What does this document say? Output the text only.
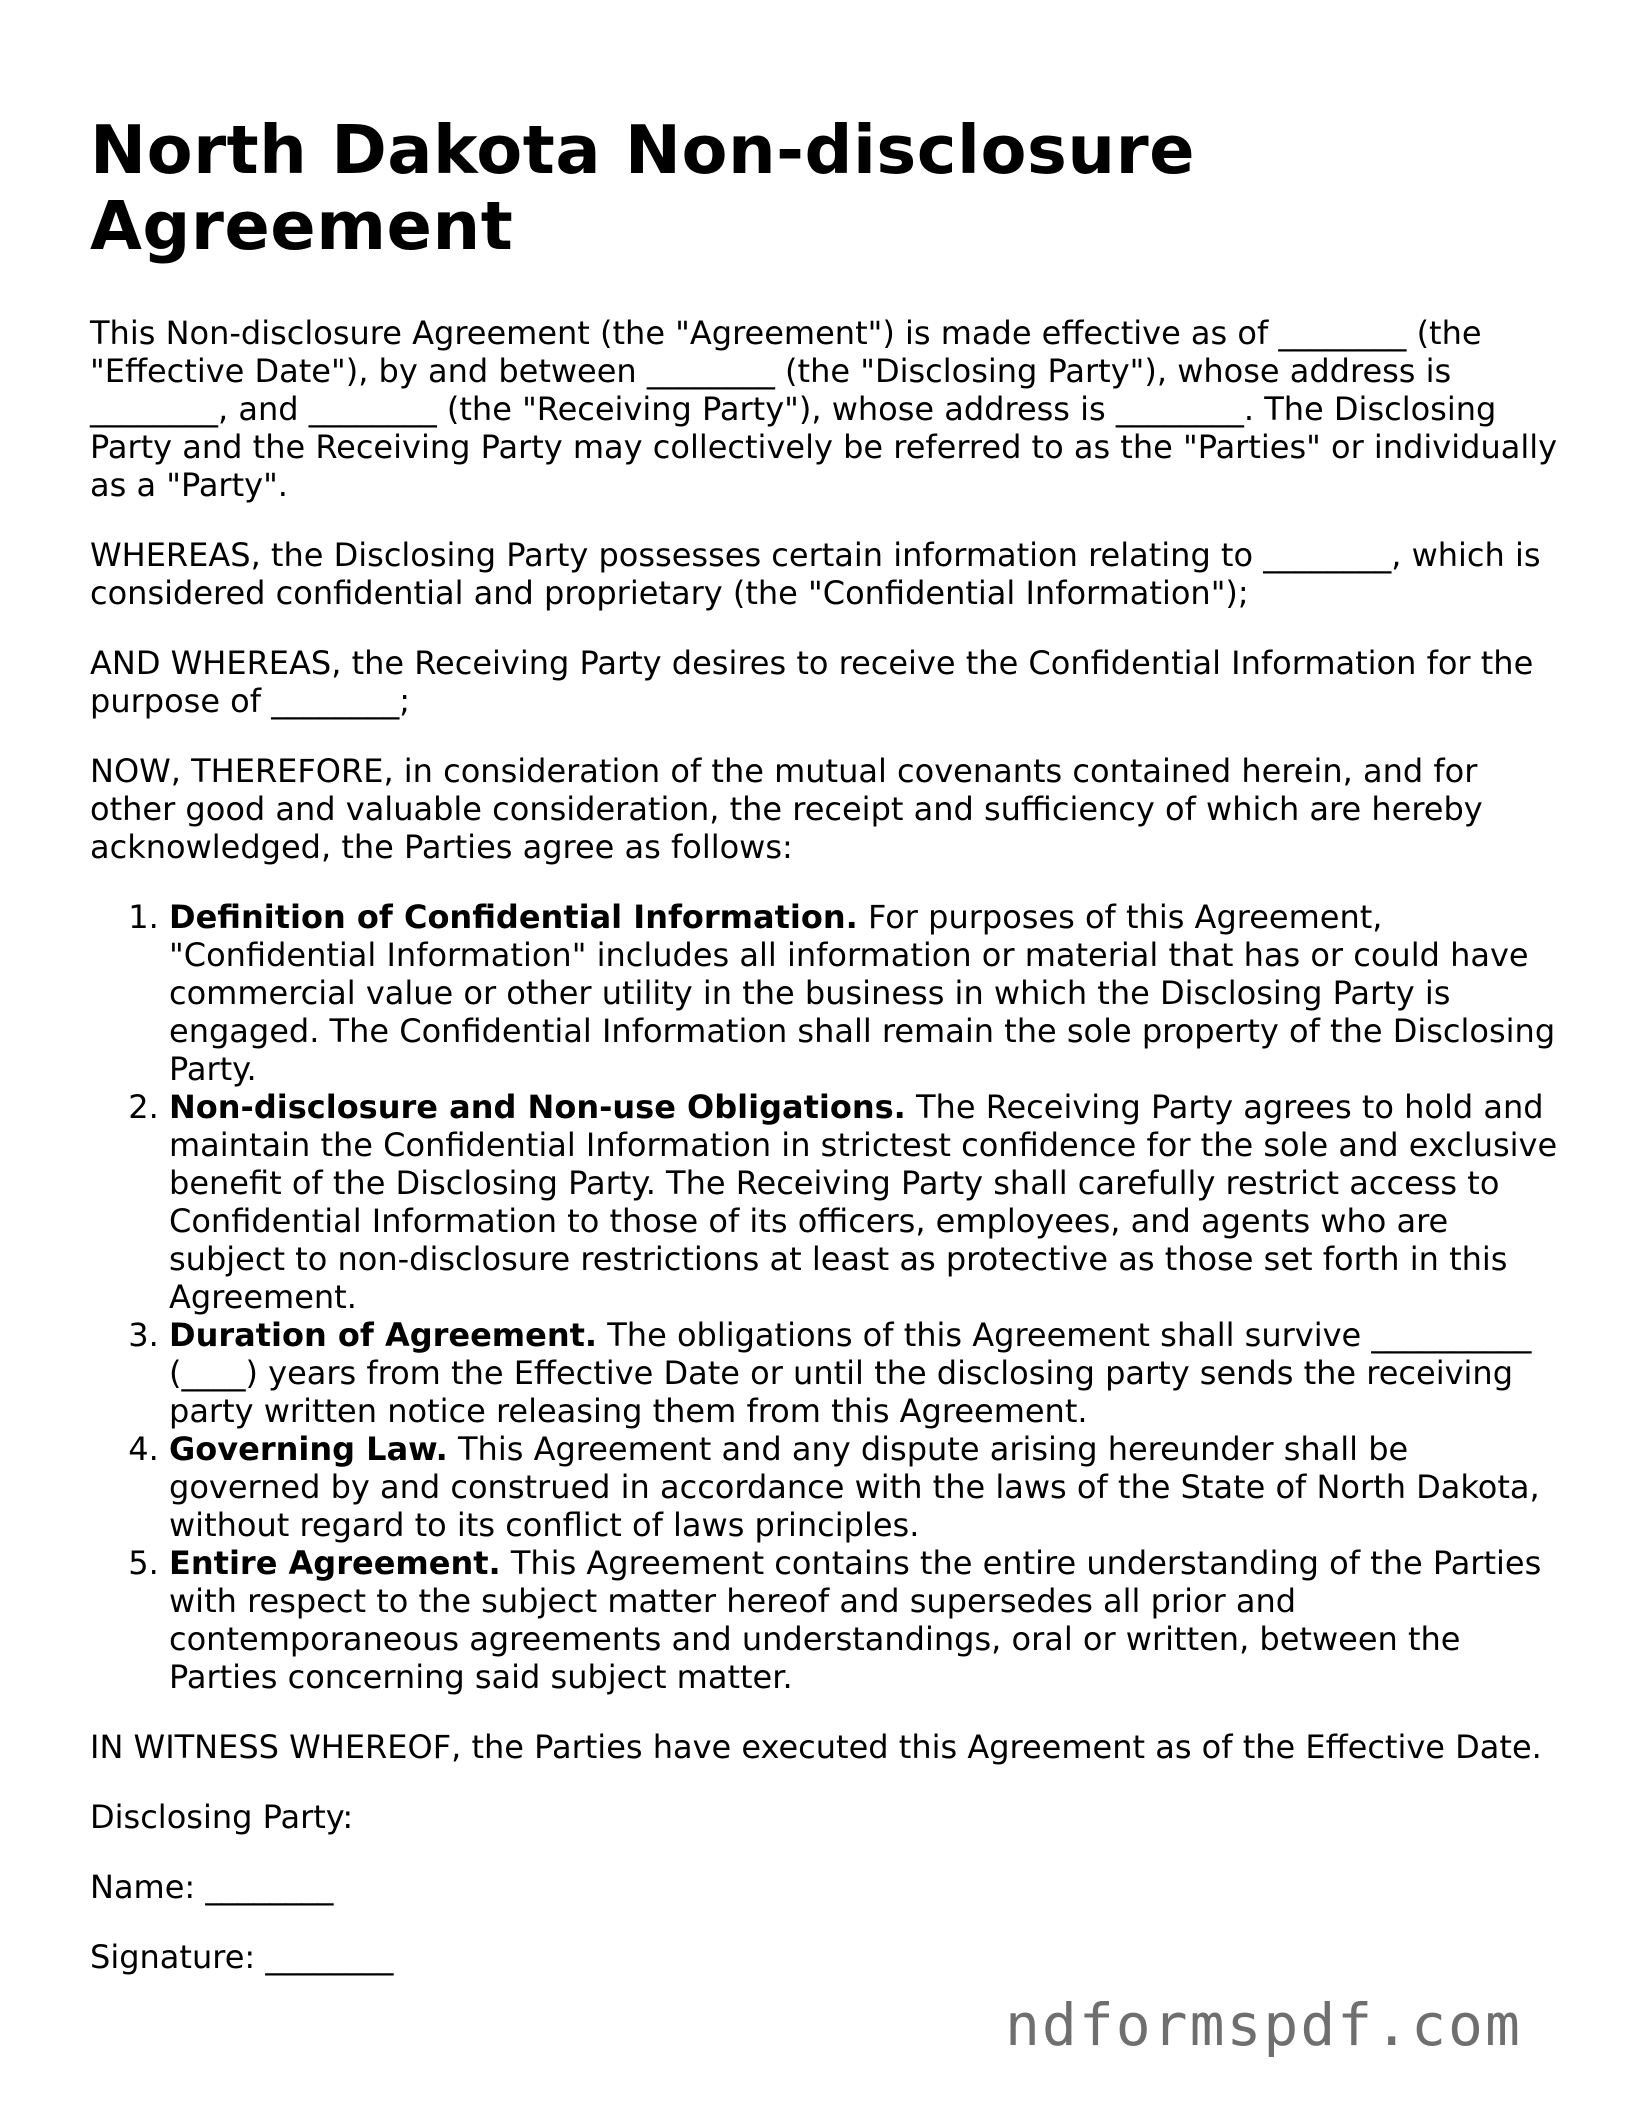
North Dakota Non-disclosure Agreement

This Non-disclosure Agreement (the "Agreement") is made effective as of ________ (the "Effective Date"), by and between ________ (the "Disclosing Party"), whose address is ________, and ________ (the "Receiving Party"), whose address is ________. The Disclosing Party and the Receiving Party may collectively be referred to as the "Parties" or individually as a "Party".

WHEREAS, the Disclosing Party possesses certain information relating to ________, which is considered confidential and proprietary (the "Confidential Information");

AND WHEREAS, the Receiving Party desires to receive the Confidential Information for the purpose of ________;

NOW, THEREFORE, in consideration of the mutual covenants contained herein, and for other good and valuable consideration, the receipt and sufficiency of which are hereby acknowledged, the Parties agree as follows:

1. Definition of Confidential Information. For purposes of this Agreement, "Confidential Information" includes all information or material that has or could have commercial value or other utility in the business in which the Disclosing Party is engaged. The Confidential Information shall remain the sole property of the Disclosing Party.
2. Non-disclosure and Non-use Obligations. The Receiving Party agrees to hold and maintain the Confidential Information in strictest confidence for the sole and exclusive benefit of the Disclosing Party. The Receiving Party shall carefully restrict access to Confidential Information to those of its officers, employees, and agents who are subject to non-disclosure restrictions at least as protective as those set forth in this Agreement.
3. Duration of Agreement. The obligations of this Agreement shall survive __________ (____) years from the Effective Date or until the disclosing party sends the receiving party written notice releasing them from this Agreement.
4. Governing Law. This Agreement and any dispute arising hereunder shall be governed by and construed in accordance with the laws of the State of North Dakota, without regard to its conflict of laws principles.
5. Entire Agreement. This Agreement contains the entire understanding of the Parties with respect to the subject matter hereof and supersedes all prior and contemporaneous agreements and understandings, oral or written, between the Parties concerning said subject matter.

IN WITNESS WHEREOF, the Parties have executed this Agreement as of the Effective Date.

Disclosing Party:

Name: ________

Signature: ________

ndformspdf.com
